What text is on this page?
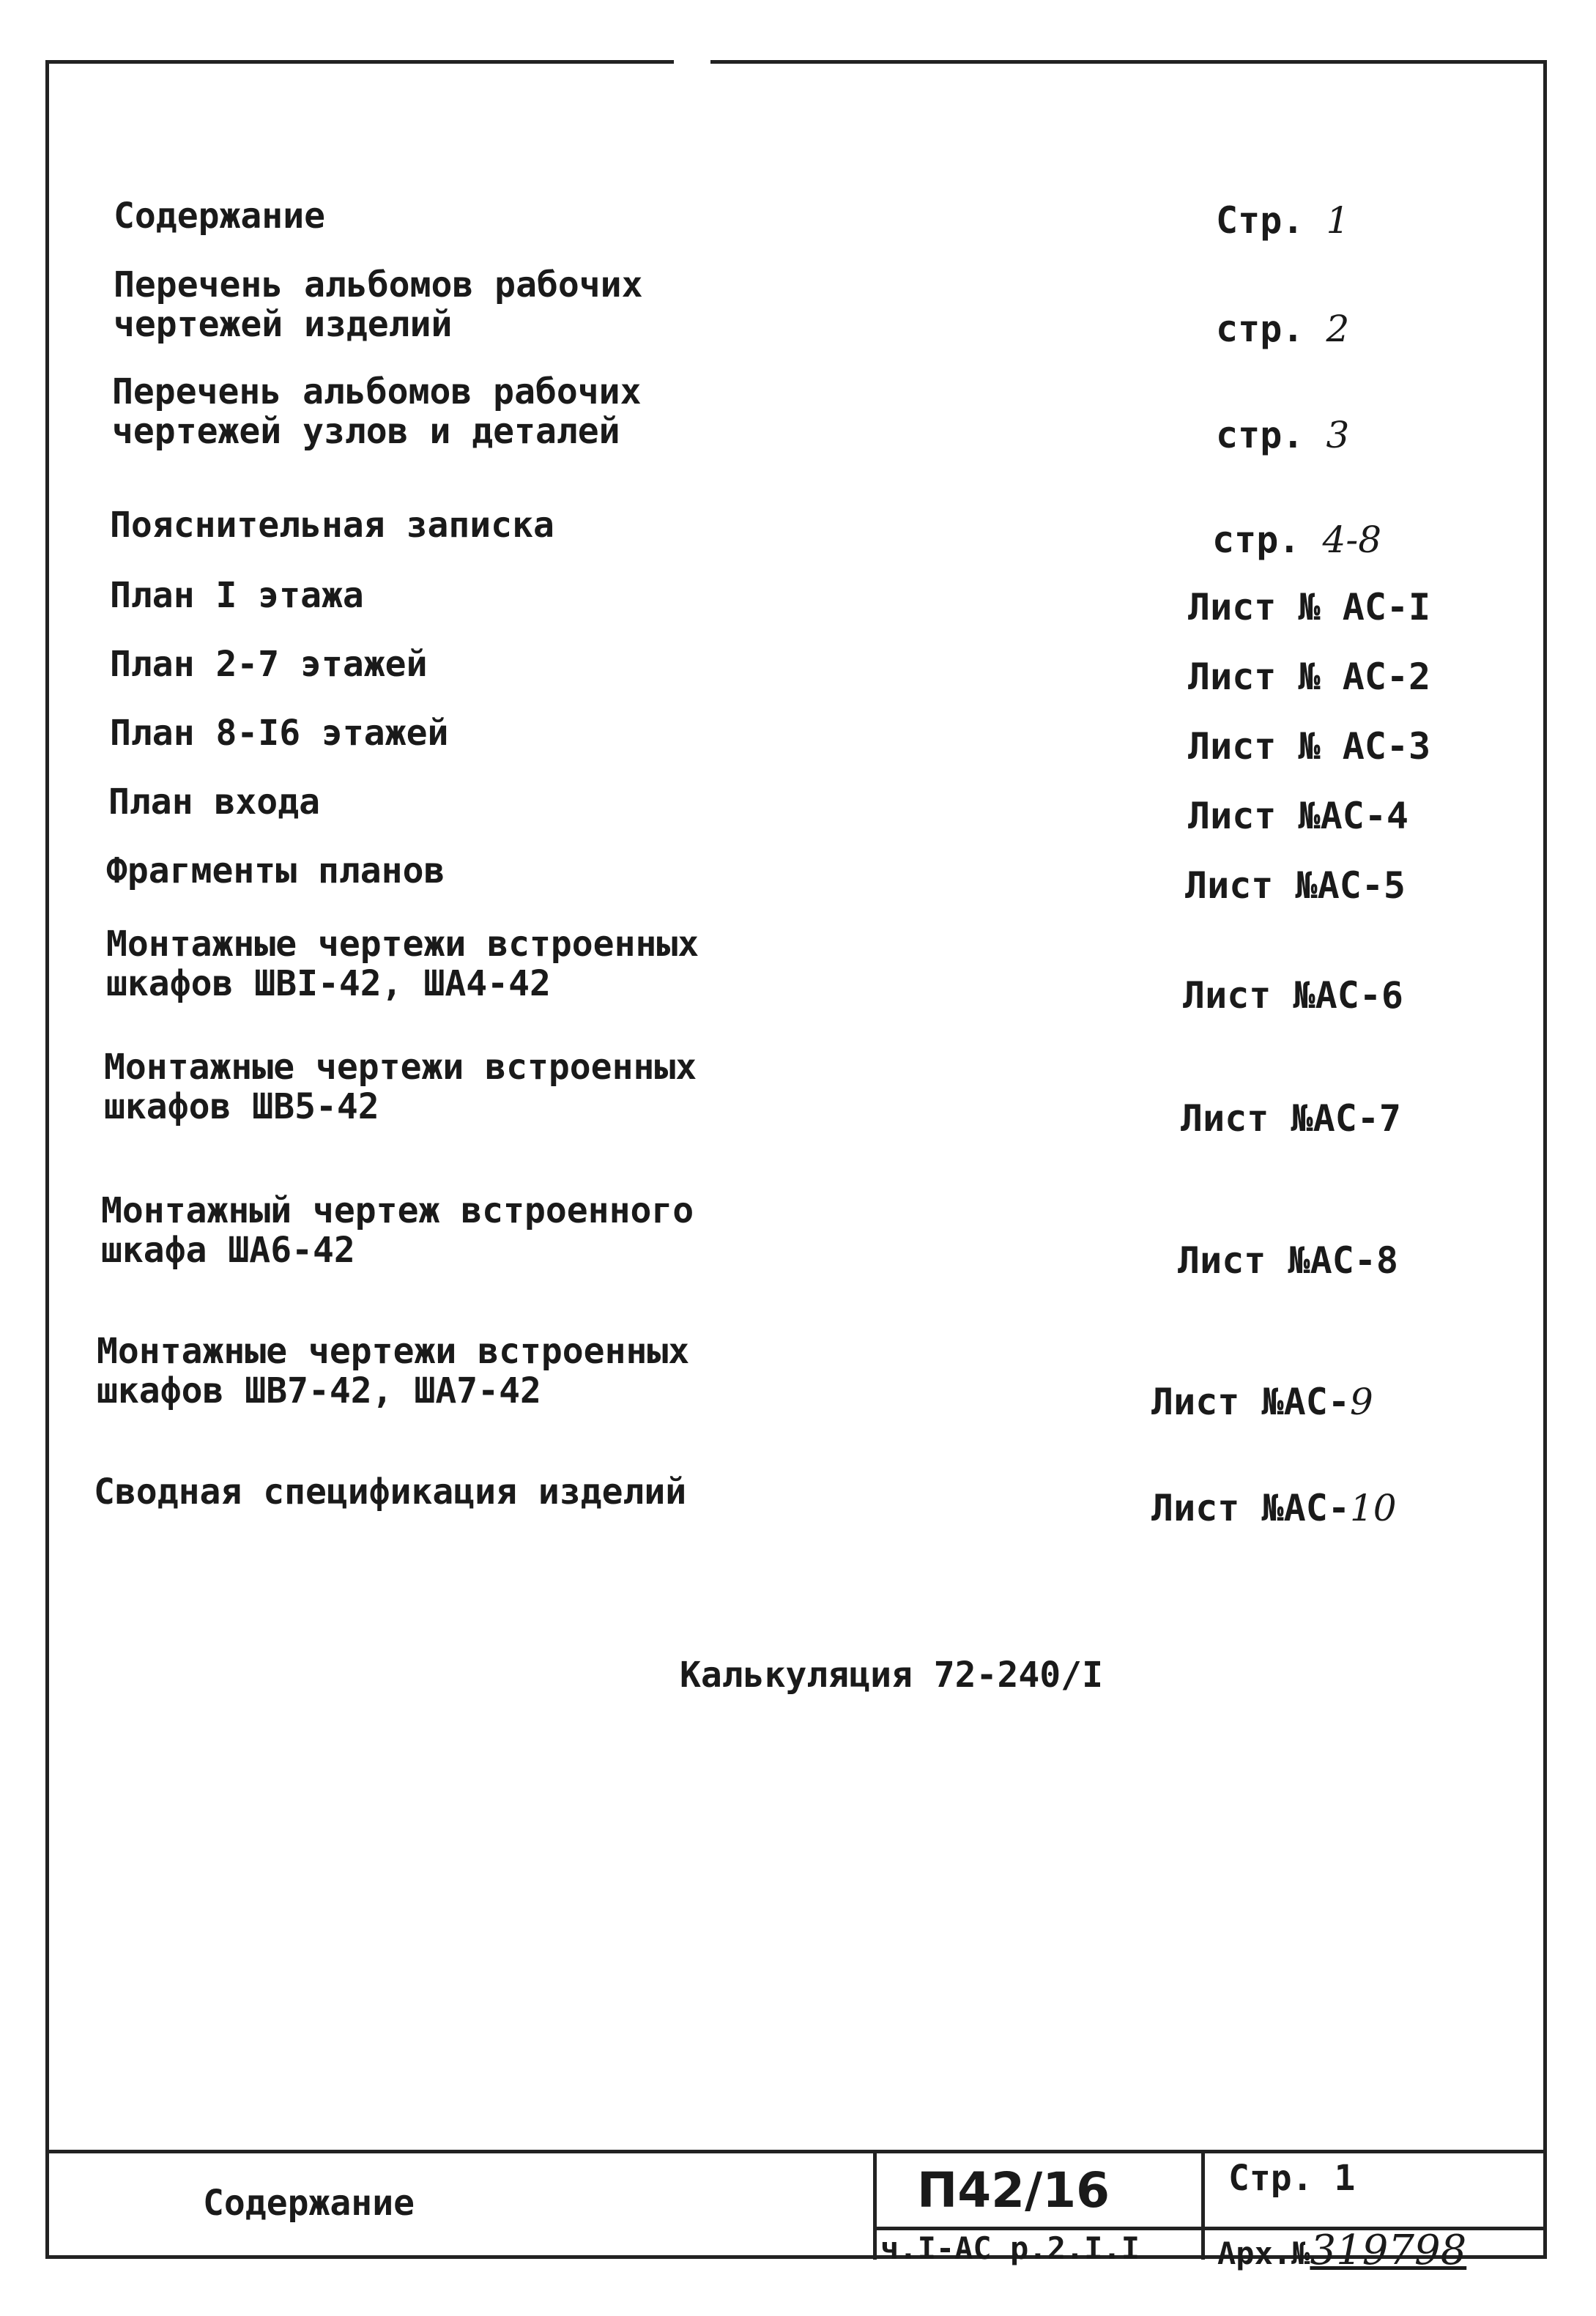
Содержание	Стр. 1
Перечень альбомов рабочих
чертежей изделий	стр. 2
Перечень альбомов рабочих
чертежей узлов и деталей	стр. 3
Пояснительная записка	стр. 4-8
План I этажа	Лист № АС-I
План 2-7 этажей	Лист № АС-2
План 8-I6 этажей	Лист № АС-3
План входа	Лист №АС-4
Фрагменты планов	Лист №АС-5
Монтажные чертежи встроенных
шкафов ШВI-42, ША4-42	Лист №АС-6
Монтажные чертежи встроенных
шкафов ШВ5-42	Лист №АС-7
Монтажный чертеж встроенного
шкафа ША6-42	Лист №АС-8
Монтажные чертежи встроенных
шкафов ШВ7-42, ША7-42	Лист №АС-9
Сводная спецификация изделий	Лист №АС-10
Калькуляция 72-240/I
Содержание	П42/16
ч.I-АС р.2.I.I
Стр. 1
Арх.№319798
